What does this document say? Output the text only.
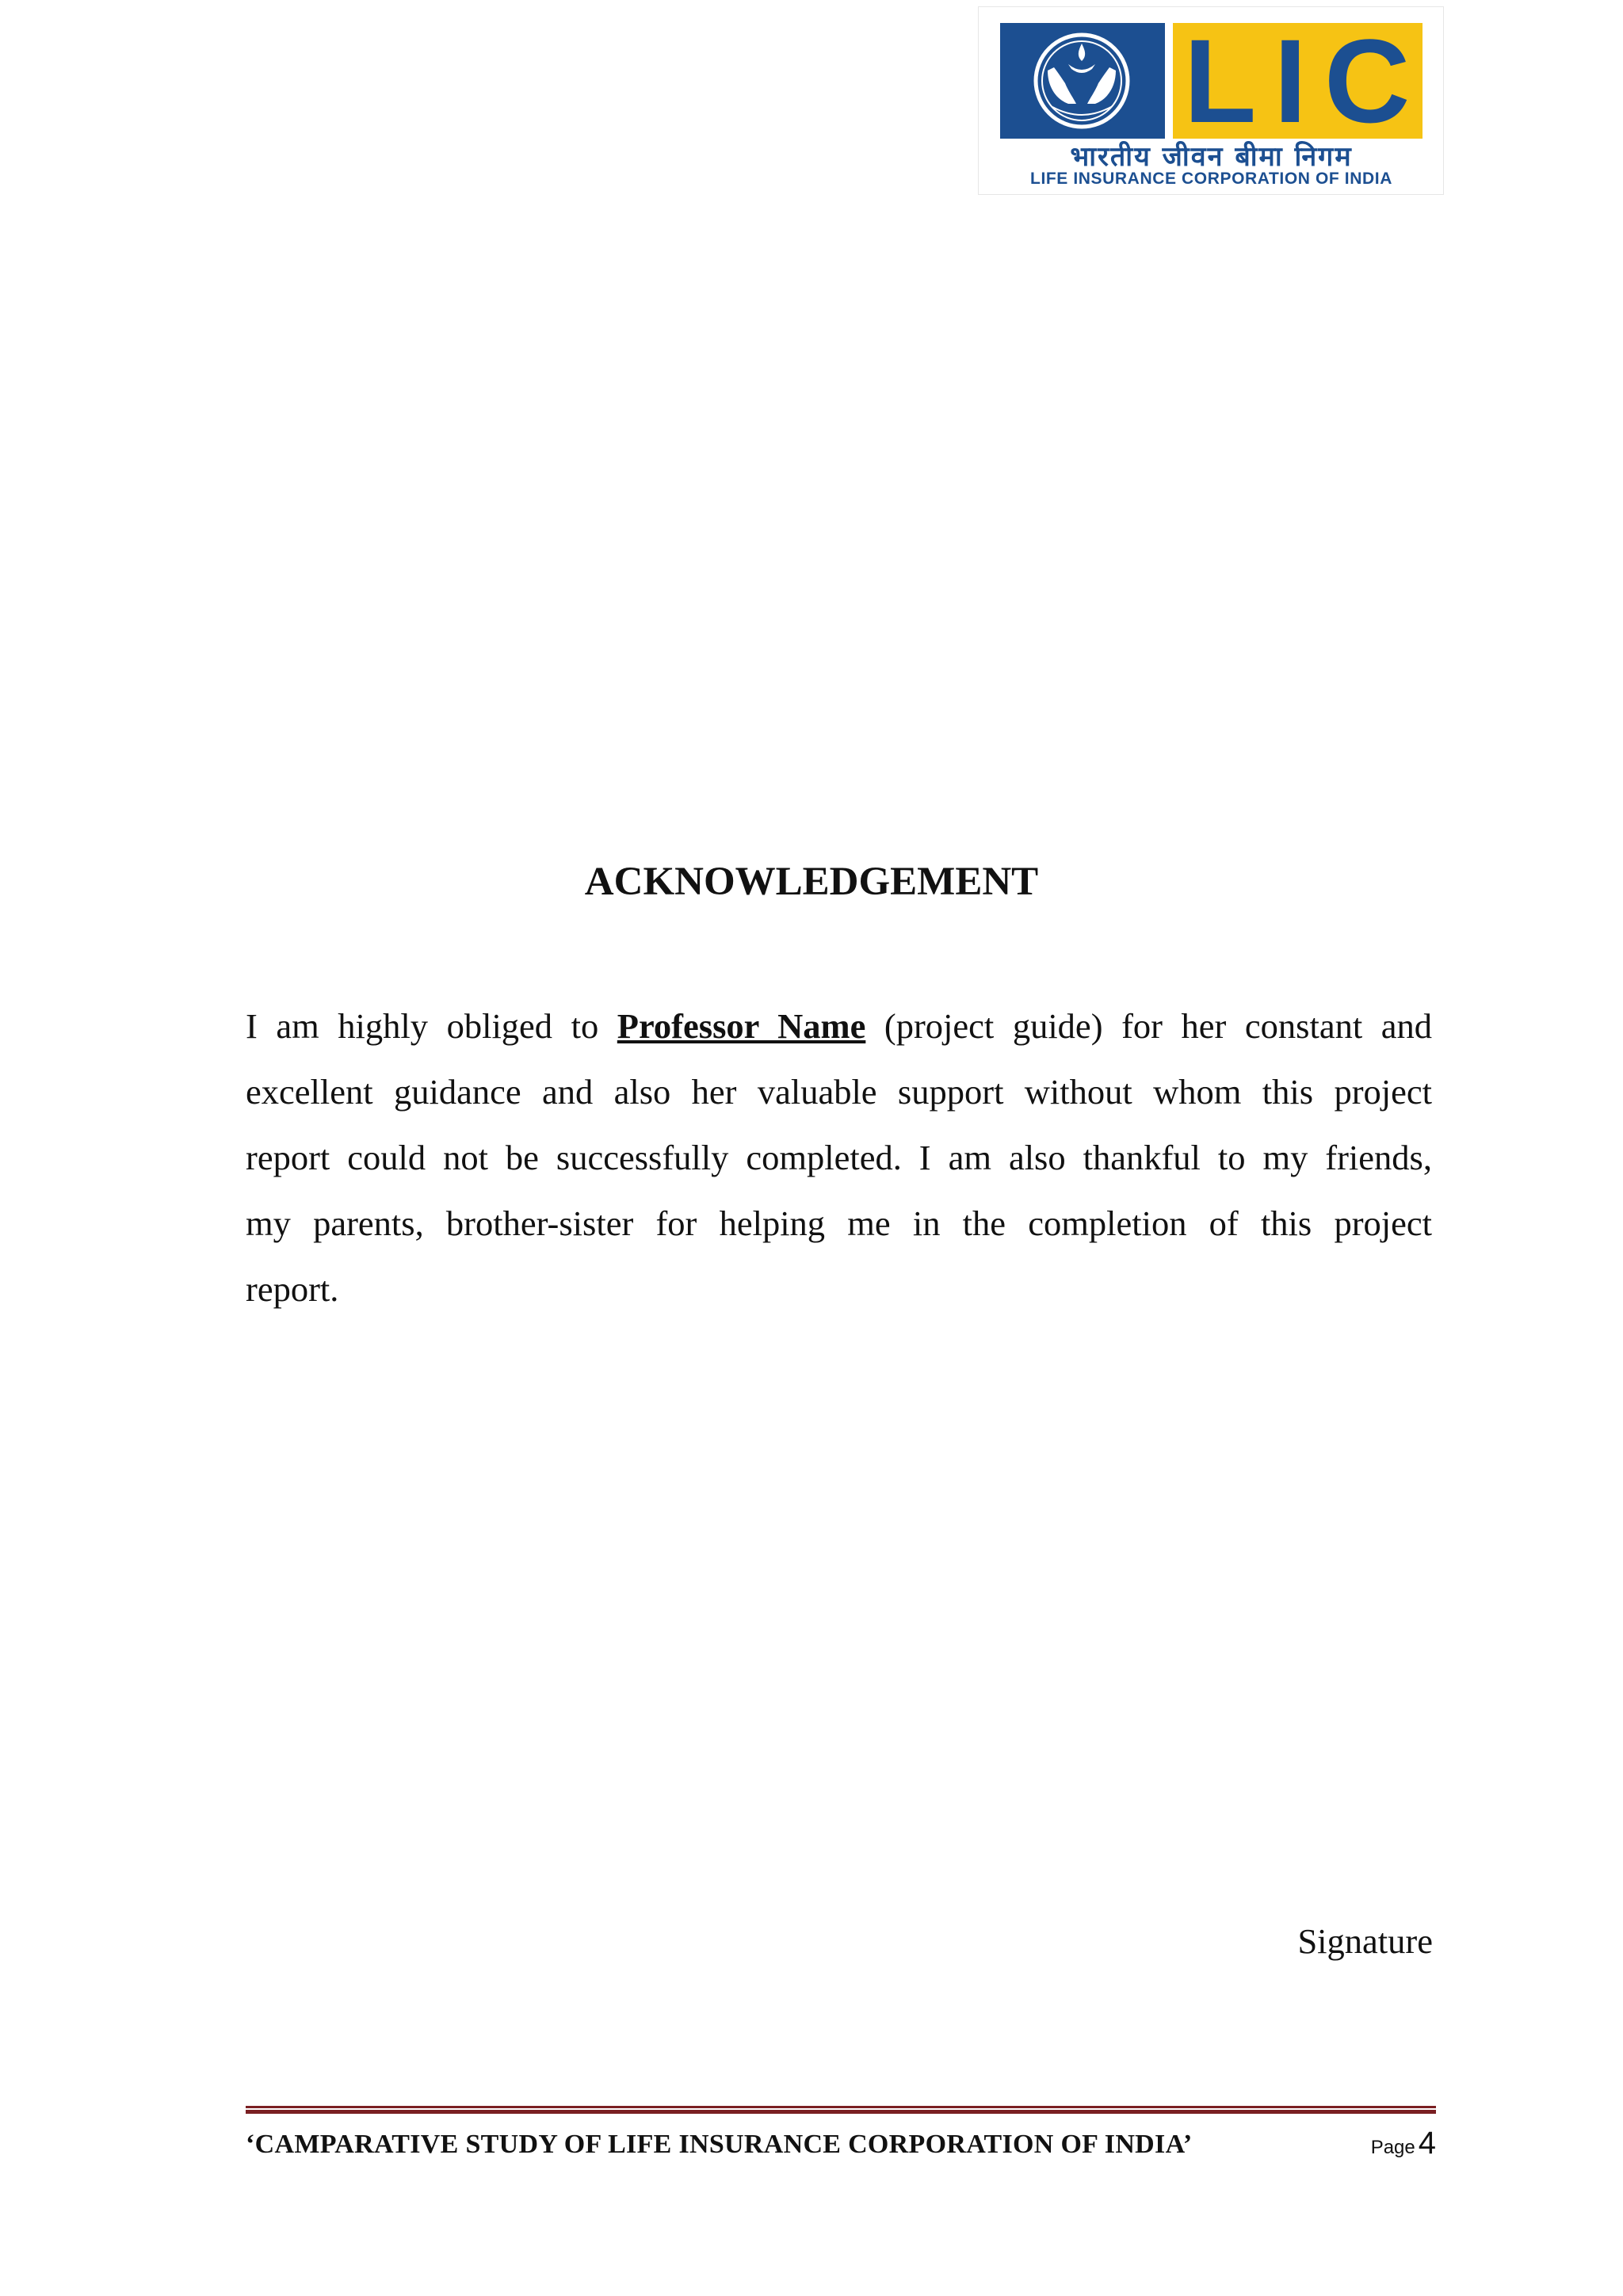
LIC
भारतीय जीवन बीमा निगम
LIFE INSURANCE CORPORATION OF INDIA
ACKNOWLEDGEMENT
I am highly obliged to Professor Name (project guide) for her constant and
excellent guidance and also her valuable support without whom this project
report could not be successfully completed. I am also thankful to my friends,
my parents, brother-sister for helping me in the completion of this project
report.

Signature

‘CAMPARATIVE STUDY OF LIFE INSURANCE CORPORATION OF INDIA’	Page 4
